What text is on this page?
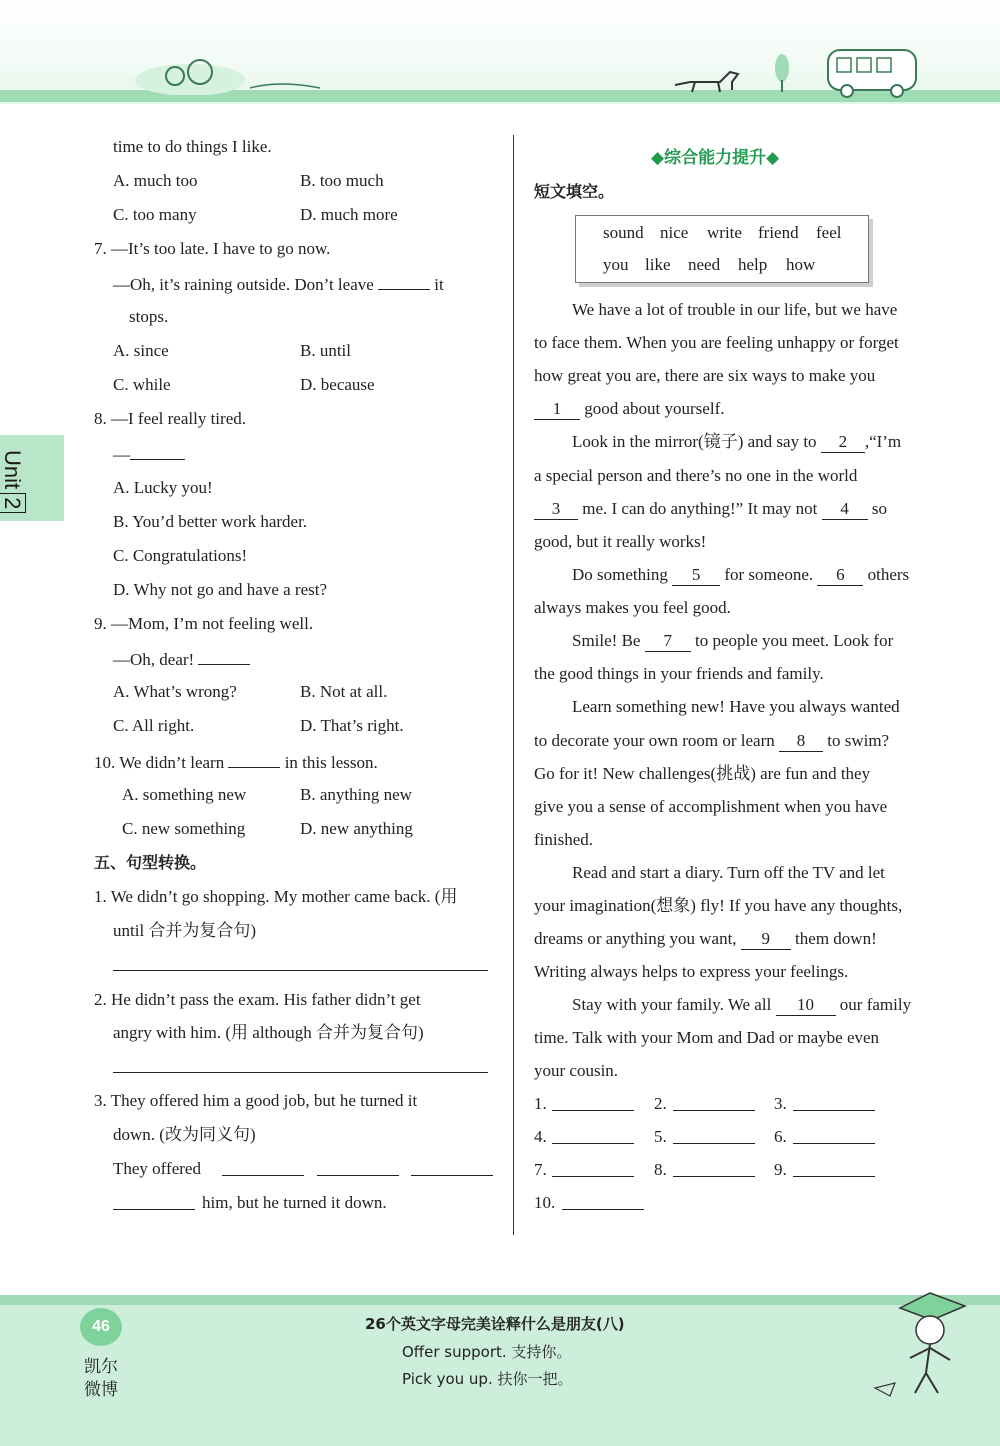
Unit2
time to do things I like.
A. much too	B. too much
C. too many	D. much more
7. —It’s too late. I have to go now.
—Oh, it’s raining outside. Don’t leave	it
stops.
A. since	B. until
C. while	D. because
8. —I feel really tired.
—
A. Lucky you!
B. You’d better work harder.
C. Congratulations!
D. Why not go and have a rest?
9. —Mom, I’m not feeling well.
—Oh, dear!
A. What’s wrong?	B. Not at all.
C. All right.	D. That’s right.
10. We didn’t learn	in this lesson.
A. something new	B. anything new
C. new something	D. new anything
五、句型转换。
1. We didn’t go shopping. My mother came back. (用
until 合并为复合句)
2. He didn’t pass the exam. His father didn’t get
angry with him. (用 although 合并为复合句)
3. They offered him a good job, but he turned it
down. (改为同义句)
They offered
him, but he turned it down.
◆综合能力提升◆
短文填空。
sound nice write friend feel
you like need help how
We have a lot of trouble in our life, but we have
to face them. When you are feeling unhappy or forget
how great you are, there are six ways to make you
1 good about yourself.
Look in the mirror(镜子) and say to 2 ,“I’m
a special person and there’s no one in the world
3 me. I can do anything!” It may not 4 so
good, but it really works!
Do something 5 for someone. 6 others
always makes you feel good.
Smile! Be 7 to people you meet. Look for
the good things in your friends and family.
Learn something new! Have you always wanted
to decorate your own room or learn 8 to swim?
Go for it! New challenges(挑战) are fun and they
give you a sense of accomplishment when you have
finished.
Read and start a diary. Turn off the TV and let
your imagination(想象) fly! If you have any thoughts,
dreams or anything you want, 9 them down!
Writing always helps to express your feelings.
Stay with your family. We all 10 our family
time. Talk with your Mom and Dad or maybe even
your cousin.
1.	2.	3.
4.	5.	6.
7.	8.	9.
10.
46
凯尔
微博
26个英文字母完美诠释什么是朋友(八)
Offer support. 支持你。
Pick you up. 扶你一把。
